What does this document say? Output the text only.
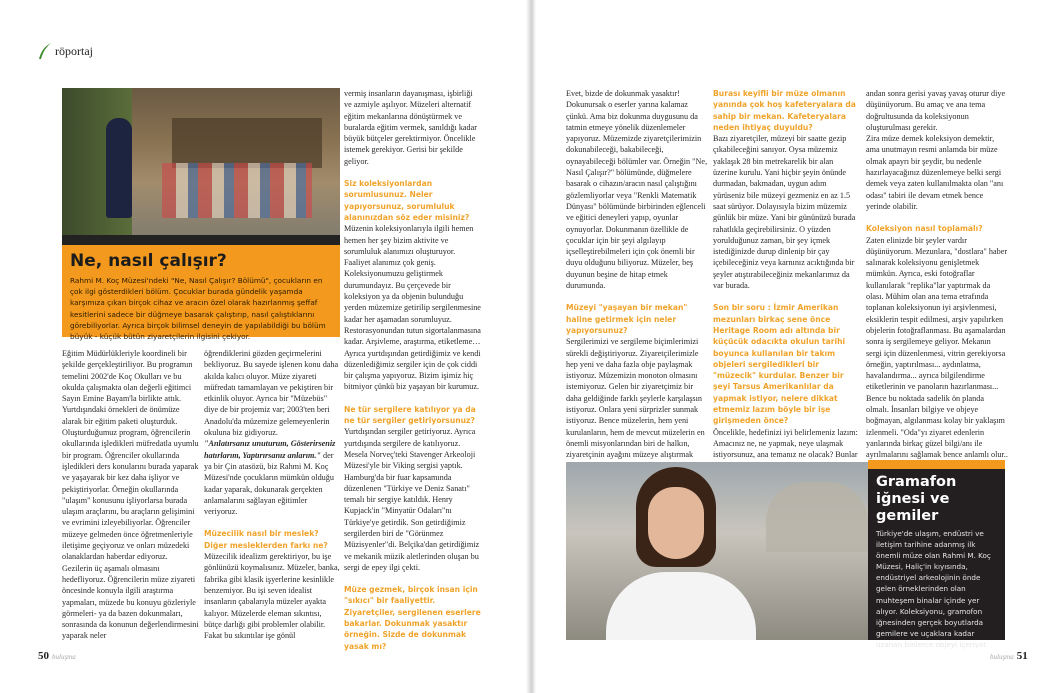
röportaj
Ne, nasıl çalışır?

Rahmi M. Koç Müzesi'ndeki "Ne, Nasıl Çalışır? Bölümü", çocukların en çok ilgi gösterdikleri bölüm. Çocuklar burada gündelik yaşamda karşımıza çıkan birçok cihaz ve aracın özel olarak hazırlanmış şeffaf kesitlerini sadece bir düğmeye basarak çalıştırıp, nasıl çalıştıklarını görebiliyorlar. Ayrıca birçok bilimsel deneyin de yapılabildiği bu bölüm büyük - küçük bütün ziyaretçilerin ilgisini çekiyor.

Eğitim Müdürlükleriyle koordineli bir şekilde gerçekleştiriliyor. Bu programın temelini 2002'de Koç Okulları ve bu okulda çalışmakta olan değerli eğitimci Sayın Emine Bayam'la birlikte attık. Yurtdışındaki örnekleri de önümüze alarak bir eğitim paketi oluşturduk. Oluşturduğumuz program, öğrencilerin okullarında işledikleri müfredatla uyumlu bir program. Öğrenciler okullarında işledikleri ders konularını burada yaparak ve yaşayarak bir kez daha işliyor ve pekiştiriyorlar. Örneğin okullarında "ulaşım" konusunu işliyorlarsa burada ulaşım araçlarını, bu araçların gelişimini ve evrimini izleyebiliyorlar. Öğrenciler müzeye gelmeden önce öğretmenleriyle iletişime geçiyoruz ve onları müzedeki olanaklardan haberdar ediyoruz. Gezilerin üç aşamalı olmasını hedefliyoruz. Öğrencilerin müze ziyareti öncesinde konuyla ilgili araştırma yapmaları, müzede bu konuyu gözleriyle görmeleri- ya da bazen dokunmaları, sonrasında da konunun değerlendirmesini yaparak neler

öğrendiklerini gözden geçirmelerini bekliyoruz. Bu sayede işlenen konu daha akılda kalıcı oluyor. Müze ziyareti müfredatı tamamlayan ve pekiştiren bir etkinlik oluyor. Ayrıca bir "Müzebüs" diye de bir projemiz var; 2003'ten beri Anadolu'da müzemize gelemeyenlerin okuluna biz gidiyoruz.

"Anlatırsanız unuturum, Gösterirseniz hatırlarım, Yaptırırsanız anlarım." der ya bir Çin atasözü, biz Rahmi M. Koç Müzesi'nde çocukların mümkün olduğu kadar yaparak, dokunarak gerçekten anlamalarını sağlayan eğitimler veriyoruz.

Müzecilik nasıl bir meslek? Diğer mesleklerden farkı ne?

Müzecilik idealizm gerektiriyor, bu işe gönlünüzü koymalısınız. Müzeler, banka, fabrika gibi klasik işyerlerine kesinlikle benzemiyor. Bu işi seven idealist insanların çabalarıyla müzeler ayakta kalıyor. Müzelerde eleman sıkıntısı, bütçe darlığı gibi problemler olabilir. Fakat bu sıkıntılar işe gönül

vermiş insanların dayanışması, işbirliği ve azmiyle aşılıyor. Müzeleri alternatif eğitim mekanlarına dönüştürmek ve buralarda eğitim vermek, sanıldığı kadar büyük bütçeler gerektirmiyor. Öncelikle istemek gerekiyor. Gerisi bir şekilde geliyor.

Siz koleksiyonlardan sorumlusunuz. Neler yapıyorsunuz, sorumluluk alanınızdan söz eder misiniz?

Müzenin koleksiyonlarıyla ilgili hemen hemen her şey bizim aktivite ve sorumluluk alanımızı oluşturuyor. Faaliyet alanımız çok geniş. Koleksiyonumuzu geliştirmek durumundayız. Bu çerçevede bir koleksiyon ya da objenin bulunduğu yerden müzemize getirilip sergilenmesine kadar her aşamadan sorumluyuz. Restorasyonundan tutun sigortalanmasına kadar. Arşivleme, araştırma, etiketleme… Ayrıca yurtdışından getirdiğimiz ve kendi düzenlediğimiz sergiler için de çok ciddi bir çalışma yapıyoruz. Bizim işimiz hiç bitmiyor çünkü biz yaşayan bir kurumuz.

Ne tür sergilere katılıyor ya da ne tür sergiler getiriyorsunuz?

Yurtdışından sergiler getiriyoruz. Ayrıca yurtdışında sergilere de katılıyoruz. Mesela Norveç'teki Stavenger Arkeoloji Müzesi'yle bir Viking sergisi yaptık. Hamburg'da bir fuar kapsamında düzenlenen "Türkiye ve Deniz Sanatı" temalı bir sergiye katıldık. Henry Kupjack'in "Minyatür Odaları"nı Türkiye'ye getirdik. Son getirdiğimiz sergilerden biri de "Görünmez Müzisyenler"di. Belçika'dan getirdiğimiz ve mekanik müzik aletlerinden oluşan bu sergi de epey ilgi çekti.

Müze gezmek, birçok insan için "sıkıcı" bir faaliyettir. Ziyaretçiler, sergilenen eserlere bakarlar. Dokunmak yasaktır örneğin. Sizde de dokunmak yasak mı?

50 buluşma

Evet, bizde de dokunmak yasaktır! Dokunursak o eserler yarına kalamaz çünkü. Ama biz dokunma duygusunu da tatmin etmeye yönelik düzenlemeler yapıyoruz. Müzemizde ziyaretçilerimizin dokunabileceği, bakabileceği, oynayabileceği bölümler var. Örneğin "Ne, Nasıl Çalışır?" bölümünde, düğmelere basarak o cihazın/aracın nasıl çalıştığını gözlemliyorlar veya "Renkli Matematik Dünyası" bölümünde birbirinden eğlenceli ve eğitici deneyleri yapıp, oyunlar oynuyorlar. Dokunmanın özellikle de çocuklar için bir şeyi algılayıp içselleştirebilmeleri için çok önemli bir duyu olduğunu biliyoruz. Müzeler, beş duyunun beşine de hitap etmek durumunda.

Müzeyi "yaşayan bir mekan" haline getirmek için neler yapıyorsunuz?

Sergilerimizi ve sergileme biçimlerimizi sürekli değiştiriyoruz. Ziyaretçilerimizle hep yeni ve daha fazla obje paylaşmak istiyoruz. Müzemizin monoton olmasını istemiyoruz. Gelen bir ziyaretçimiz bir daha geldiğinde farklı şeylerle karşılaşsın istiyoruz. Onlara yeni sürprizler sunmak istiyoruz. Bence müzelerin, hem yeni kurulanların, hem de mevcut müzelerin en önemli misyonlarından biri de halkın, ziyaretçinin ayağını müzeye alıştırmak

Burası keyifli bir müze olmanın yanında çok hoş kafeteryalara da sahip bir mekan. Kafeteryalara neden ihtiyaç duyuldu?

Bazı ziyaretçiler, müzeyi bir saatte gezip çıkabileceğini sanıyor. Oysa müzemiz yaklaşık 28 bin metrekarelik bir alan üzerine kurulu. Yani hiçbir şeyin önünde durmadan, bakmadan, uygun adım yürüseniz bile müzeyi gezmeniz en az 1.5 saat sürüyor. Dolayısıyla bizim müzemiz günlük bir müze. Yani bir gününüzü burada rahatlıkla geçirebilirsiniz. O yüzden yorulduğunuz zaman, bir şey içmek istediğinizde durup dinlenip bir çay içebileceğiniz veya karnınız acıktığında bir şeyler atıştırabileceğiniz mekanlarımız da var burada.

Son bir soru : İzmir Amerikan mezunları birkaç sene önce Heritage Room adı altında bir küçücük odacıkta okulun tarihi boyunca kullanılan bir takım objeleri sergiledikleri bir "müzecik" kurdular. Benzer bir şeyi Tarsus Amerikanlılar da yapmak istiyor, nelere dikkat etmemiz lazım böyle bir işe girişmeden önce?

Öncelikle, hedefinizi iyi belirlemeniz lazım: Amacınız ne, ne yapmak, neye ulaşmak istiyorsunuz, ana temanız ne olacak? Bunlar

andan sonra gerisi yavaş yavaş oturur diye düşünüyorum. Bu amaç ve ana tema doğrultusunda da koleksiyonun oluşturulması gerekir.

Zira müze demek koleksiyon demektir, ama unutmayın resmi anlamda bir müze olmak apayrı bir şeydir, bu nedenle hazırlayacağınız düzenlemeye belki sergi demek veya zaten kullanılmakta olan "anı odası" tabiri ile devam etmek bence yerinde olabilir.

Koleksiyon nasıl toplamalı?

Zaten elinizde bir şeyler vardır düşünüyorum. Mezunlara, "dostlara" haber salınarak koleksiyonu genişletmek mümkün. Ayrıca, eski fotoğraflar kullanılarak "replika"lar yaptırmak da olası. Mühim olan ana tema etrafında toplanan koleksiyonun iyi arşivlenmesi, eksiklerin tespit edilmesi, arşiv yapılırken objelerin fotoğraflanması. Bu aşamalardan sonra iş sergilemeye geliyor. Mekanın sergi için düzenlenmesi, vitrin gerekiyorsa örneğin, yaptırılması... aydınlatma, havalandırma... ayrıca bilgilendirme etiketlerinin ve panoların hazırlanması... Bence bu noktada sadelik ön planda olmalı. İnsanları bilgiye ve objeye boğmayan, algılanması kolay bir yaklaşım izlenmeli. "Oda"yı ziyaret edenlerin yanlarında birkaç güzel bilgi/anı ile ayrılmalarını sağlamak bence anlamlı olur..

Gramafon iğnesi ve gemiler

Türkiye'de ulaşım, endüstri ve iletişim tarihine adanmış ilk önemli müze olan Rahmi M. Koç Müzesi, Haliç'in kıyısında, endüstriyel arkeolojinin önde gelen örneklerinden olan muhteşem binalar içinde yer alıyor. Koleksiyonu, gramofon iğnesinden gerçek boyutlarda gemilere ve uçaklara kadar uzanan binlerce objeyi içeriyor.

buluşma 51
